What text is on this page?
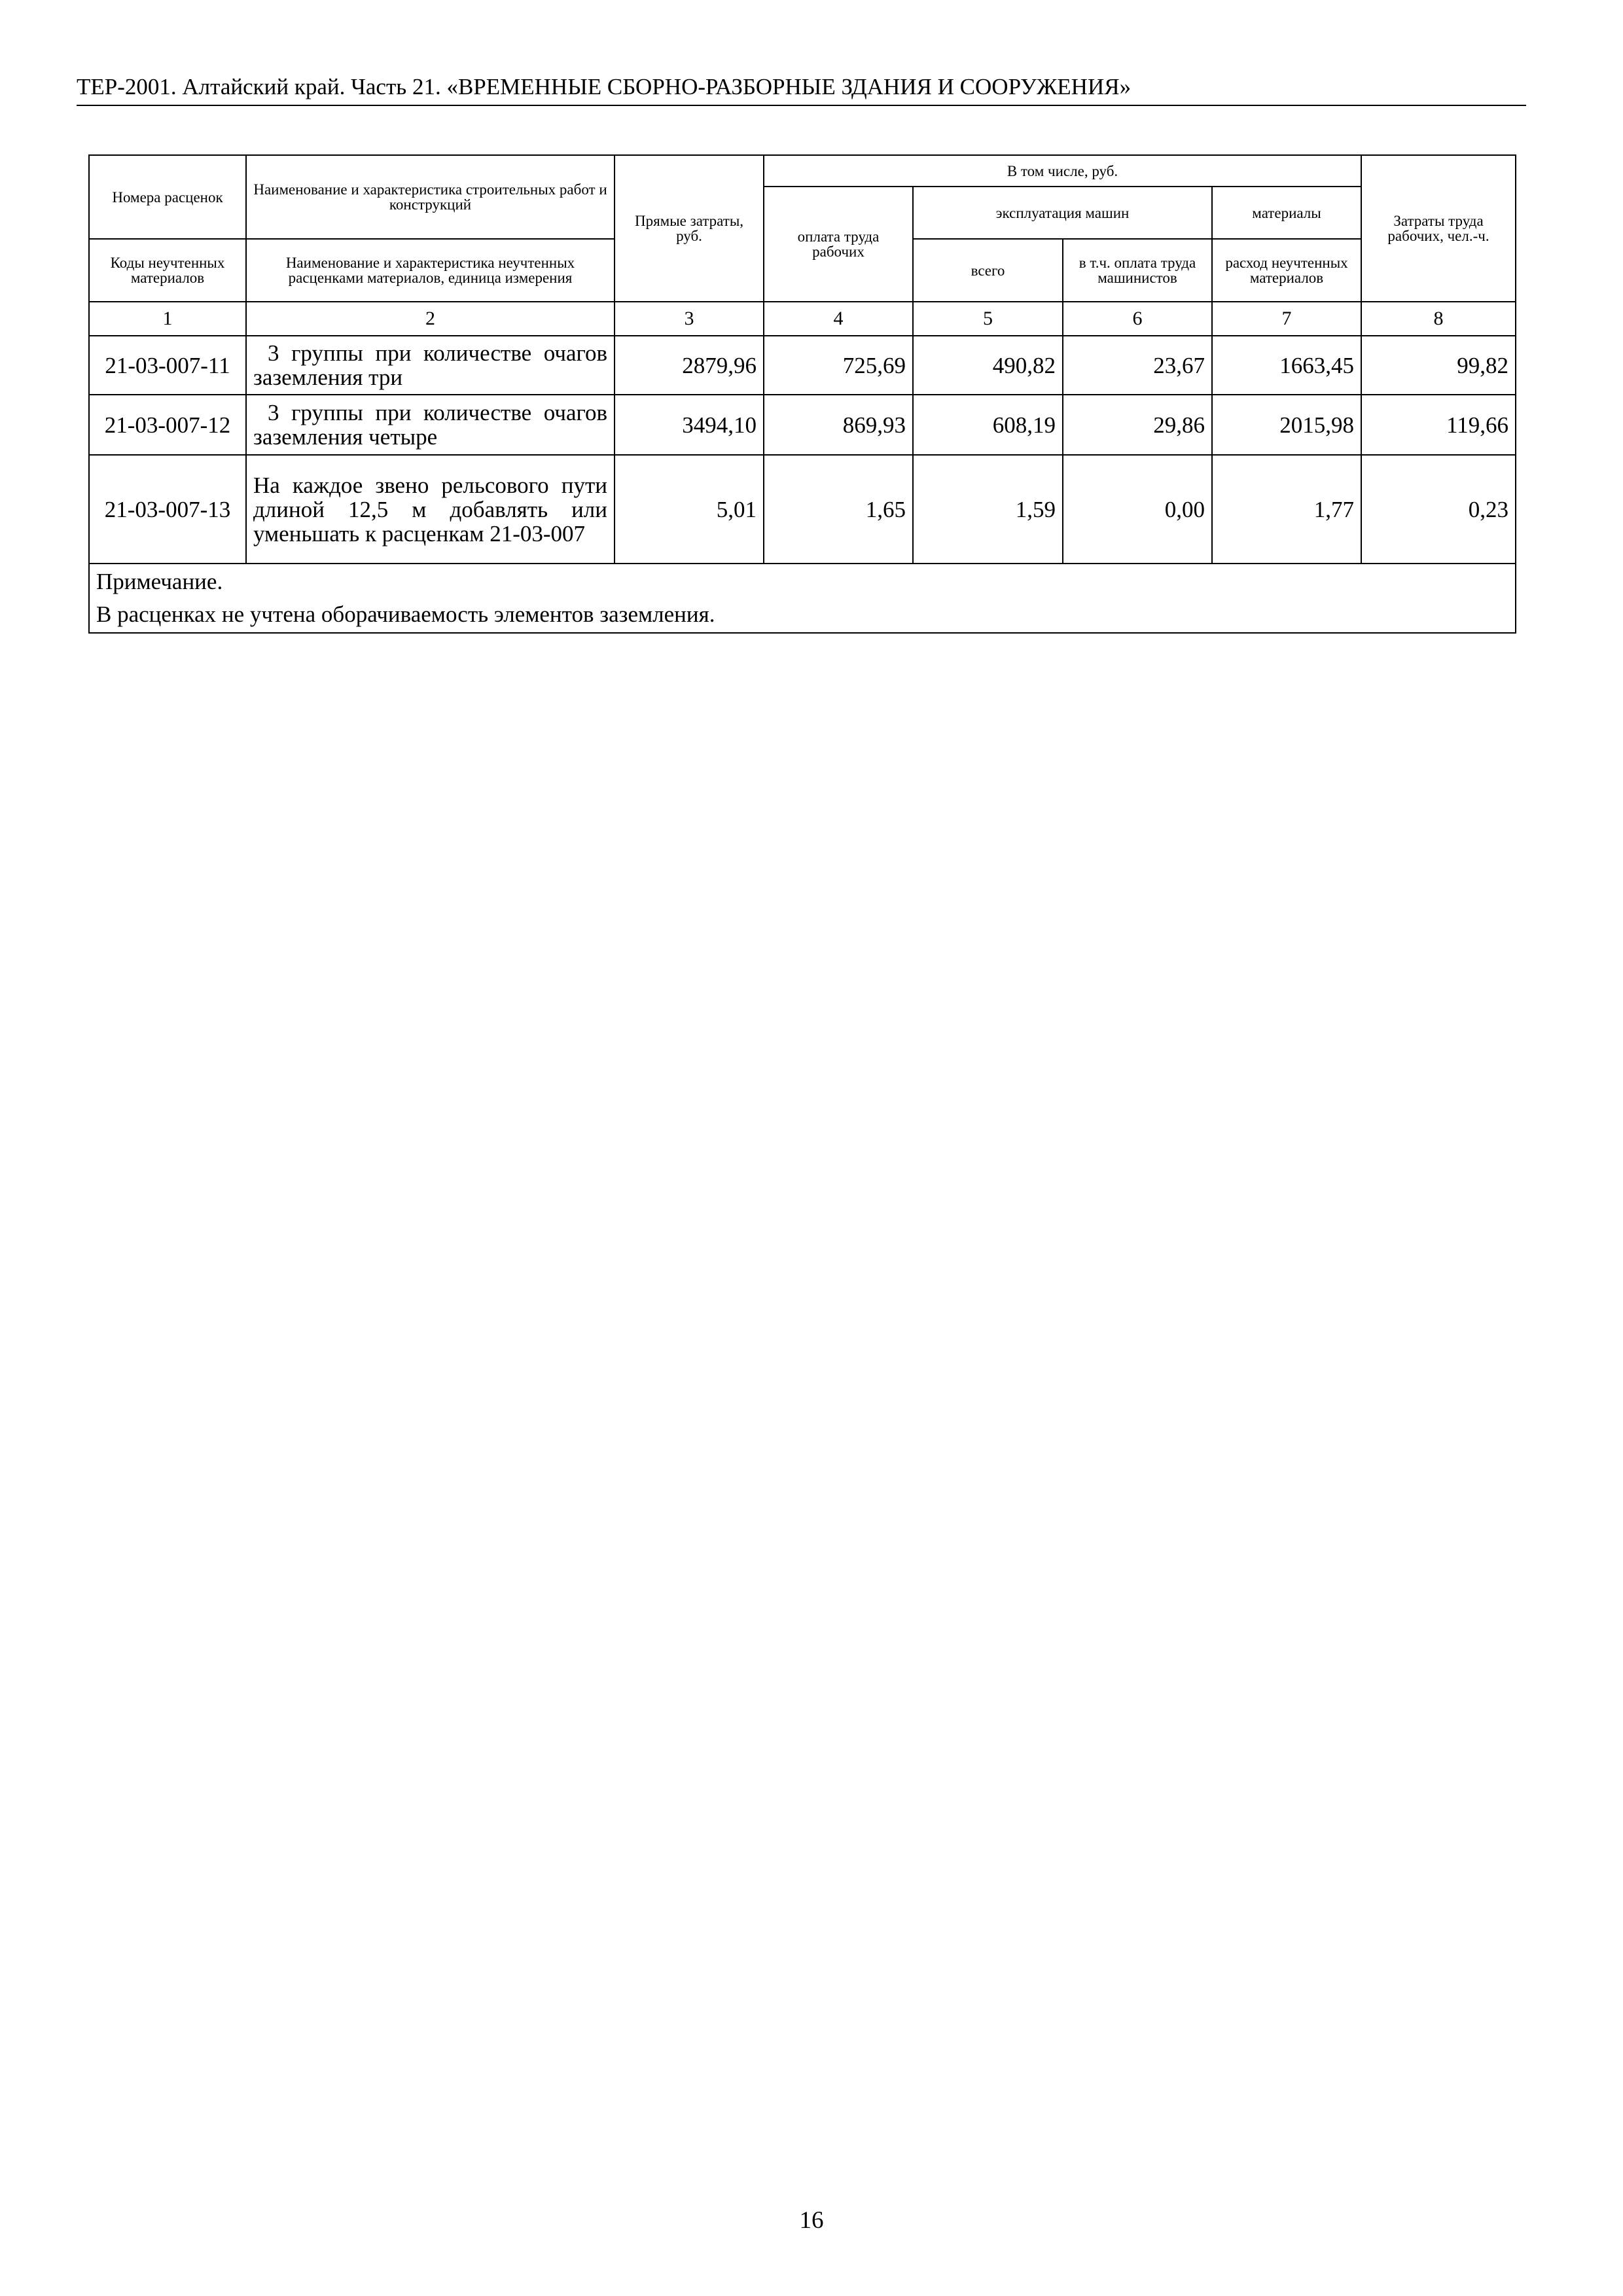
ТЕР-2001. Алтайский край. Часть 21. «ВРЕМЕННЫЕ СБОРНО-РАЗБОРНЫЕ ЗДАНИЯ И СООРУЖЕНИЯ»
Номера расценок	Наименование и характеристика строительных работ и конструкций	Прямые затраты, руб.	В том числе, руб.				Затраты труда рабочих, чел.-ч.
			оплата труда рабочих	эксплуатация машин		материалы	
Коды неучтенных материалов	Наименование и характеристика неучтенных расценками материалов, единица измерения			всего	в т.ч. оплата труда машинистов	расход неучтенных материалов	
1	2	3	4	5	6	7	8
21-03-007-11	3 группы при количестве очагов заземления три	2879,96	725,69	490,82	23,67	1663,45	99,82
21-03-007-12	3 группы при количестве очагов заземления четыре	3494,10	869,93	608,19	29,86	2015,98	119,66
21-03-007-13	На каждое звено рельсового пути длиной 12,5 м добавлять или уменьшать к расценкам 21-03-007	5,01	1,65	1,59	0,00	1,77	0,23

Примечание.
В расценках не учтена оборачиваемость элементов заземления.							
16
